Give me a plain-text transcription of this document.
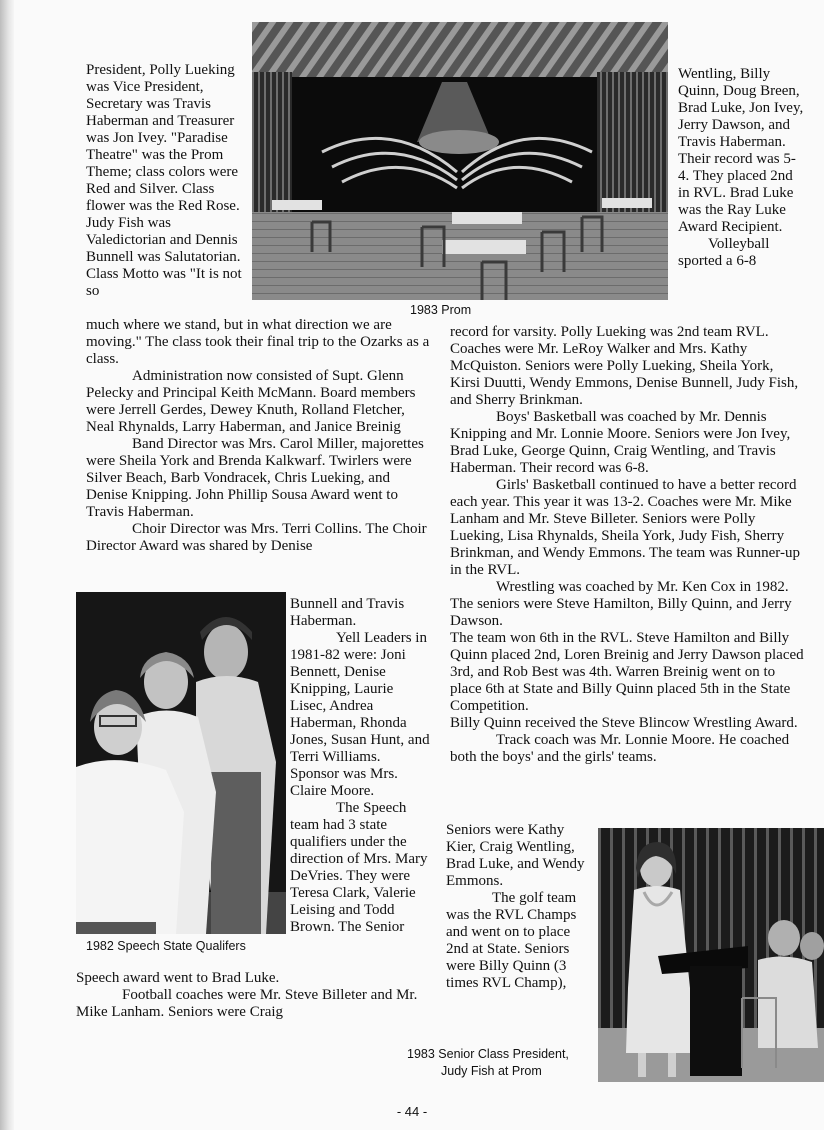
1983 Prom

1982 Speech State Qualifers

1983 Senior Class President,

Judy Fish at Prom

President, Polly Lueking was Vice President, Secretary was Travis Haberman and Treasurer was Jon Ivey. "Paradise Theatre" was the Prom Theme; class colors were Red and Silver. Class flower was the Red Rose. Judy Fish was Valedictorian and Dennis Bunnell was Salutatorian. Class Motto was "It is not so

much where we stand, but in what direction we are moving." The class took their final trip to the Ozarks as a class.

Administration now consisted of Supt. Glenn Pelecky and Principal Keith McMann. Board members were Jerrell Gerdes, Dewey Knuth, Rolland Fletcher, Neal Rhynalds, Larry Haberman, and Janice Breinig

Band Director was Mrs. Carol Miller, majorettes were Sheila York and Brenda Kalkwarf. Twirlers were Silver Beach, Barb Vondracek, Chris Lueking, and Denise Knipping. John Phillip Sousa Award went to Travis Haberman.

Choir Director was Mrs. Terri Collins. The Choir Director Award was shared by Denise

Bunnell and Travis Haberman.

Yell Leaders in 1981-82 were: Joni Bennett, Denise Knipping, Laurie Lisec, Andrea Haberman, Rhonda Jones, Susan Hunt, and Terri Williams. Sponsor was Mrs. Claire Moore.

The Speech team had 3 state qualifiers under the direction of Mrs. Mary DeVries. They were Teresa Clark, Valerie Leising and Todd Brown. The Senior

Speech award went to Brad Luke.

Football coaches were Mr. Steve Billeter and Mr. Mike Lanham. Seniors were Craig

Wentling, Billy Quinn, Doug Breen, Brad Luke, Jon Ivey, Jerry Dawson, and Travis Haberman. Their record was 5-4. They placed 2nd in RVL. Brad Luke was the Ray Luke Award Recipient.

Volleyball sported a 6-8

record for varsity. Polly Lueking was 2nd team RVL. Coaches were Mr. LeRoy Walker and Mrs. Kathy McQuiston. Seniors were Polly Lueking, Sheila York, Kirsi Duutti, Wendy Emmons, Denise Bunnell, Judy Fish, and Sherry Brinkman.

Boys' Basketball was coached by Mr. Dennis Knipping and Mr. Lonnie Moore. Seniors were Jon Ivey, Brad Luke, George Quinn, Craig Wentling, and Travis Haberman. Their record was 6-8.

Girls' Basketball continued to have a better record each year. This year it was 13-2. Coaches were Mr. Mike Lanham and Mr. Steve Billeter. Seniors were Polly Lueking, Lisa Rhynalds, Sheila York, Judy Fish, Sherry Brinkman, and Wendy Emmons. The team was Runner-up in the RVL.

Wrestling was coached by Mr. Ken Cox in 1982. The seniors were Steve Hamilton, Billy Quinn, and Jerry Dawson.

The team won 6th in the RVL. Steve Hamilton and Billy Quinn placed 2nd, Loren Breinig and Jerry Dawson placed 3rd, and Rob Best was 4th. Warren Breinig went on to place 6th at State and Billy Quinn placed 5th in the State Competition.

Billy Quinn received the Steve Blincow Wrestling Award.

Track coach was Mr. Lonnie Moore. He coached both the boys' and the girls' teams.

Seniors were Kathy Kier, Craig Wentling, Brad Luke, and Wendy Emmons.

The golf team was the RVL Champs and went on to place 2nd at State. Seniors were Billy Quinn (3 times RVL Champ),

- 44 -
